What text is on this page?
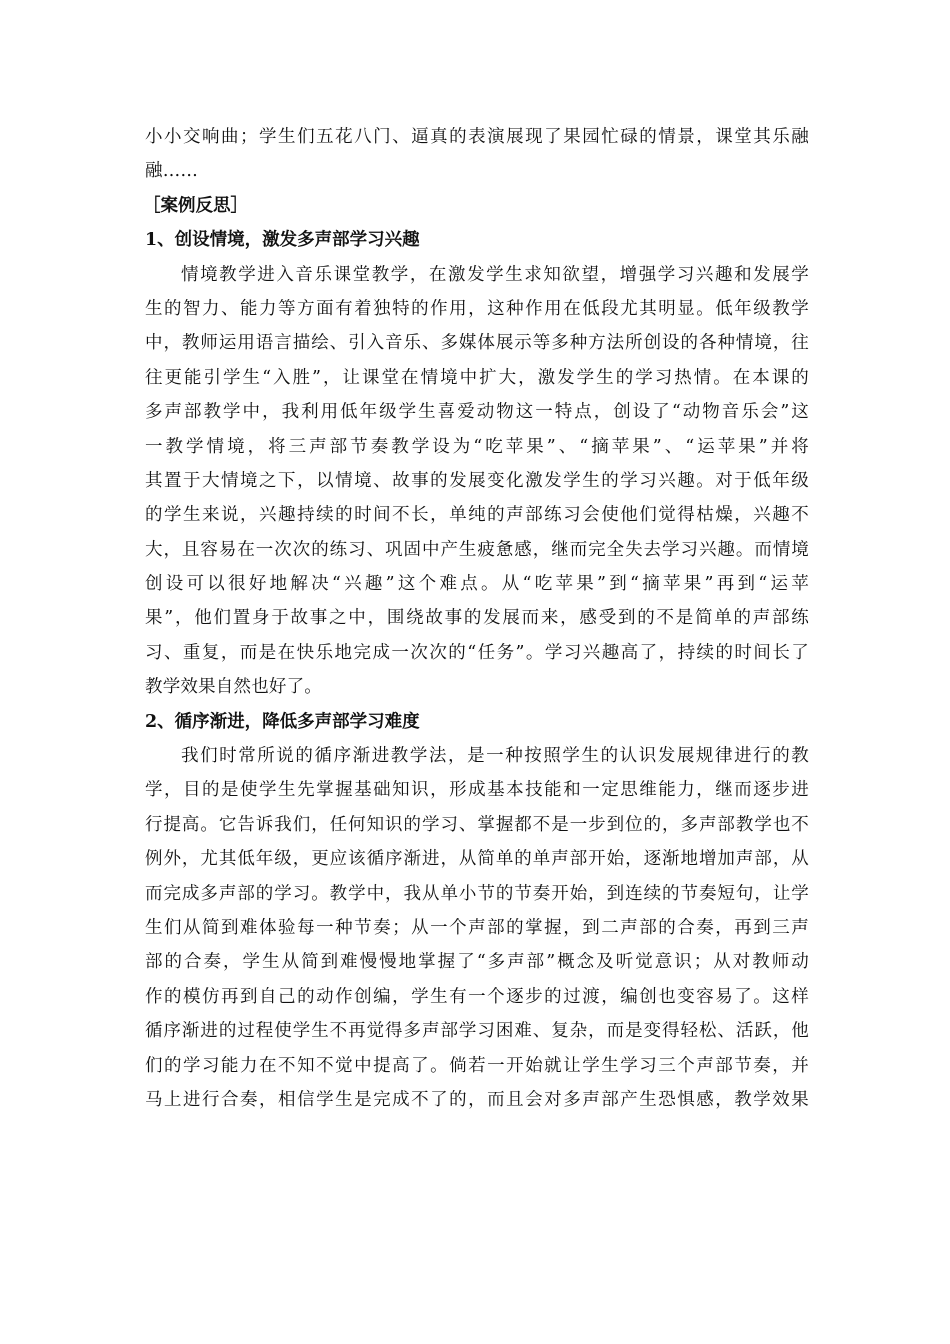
小小交响曲；学生们五花八门、逼真的表演展现了果园忙碌的情景，课堂其乐融
融……
［案例反思］
1、创设情境，激发多声部学习兴趣
情境教学进入音乐课堂教学，在激发学生求知欲望，增强学习兴趣和发展学
生的智力、能力等方面有着独特的作用，这种作用在低段尤其明显。低年级教学
中，教师运用语言描绘、引入音乐、多媒体展示等多种方法所创设的各种情境，往
往更能引学生“入胜”，让课堂在情境中扩大，激发学生的学习热情。在本课的
多声部教学中，我利用低年级学生喜爱动物这一特点，创设了“动物音乐会”这
一教学情境，将三声部节奏教学设为“吃苹果”、“摘苹果”、“运苹果”并将
其置于大情境之下，以情境、故事的发展变化激发学生的学习兴趣。对于低年级
的学生来说，兴趣持续的时间不长，单纯的声部练习会使他们觉得枯燥，兴趣不
大，且容易在一次次的练习、巩固中产生疲惫感，继而完全失去学习兴趣。而情境
创设可以很好地解决“兴趣”这个难点。从“吃苹果”到“摘苹果”再到“运苹
果”，他们置身于故事之中，围绕故事的发展而来，感受到的不是简单的声部练
习、重复，而是在快乐地完成一次次的“任务”。学习兴趣高了，持续的时间长了
教学效果自然也好了。
2、循序渐进，降低多声部学习难度
我们时常所说的循序渐进教学法，是一种按照学生的认识发展规律进行的教
学，目的是使学生先掌握基础知识，形成基本技能和一定思维能力，继而逐步进
行提高。它告诉我们，任何知识的学习、掌握都不是一步到位的，多声部教学也不
例外，尤其低年级，更应该循序渐进，从简单的单声部开始，逐渐地增加声部，从
而完成多声部的学习。教学中，我从单小节的节奏开始，到连续的节奏短句，让学
生们从简到难体验每一种节奏；从一个声部的掌握，到二声部的合奏，再到三声
部的合奏，学生从简到难慢慢地掌握了“多声部”概念及听觉意识；从对教师动
作的模仿再到自己的动作创编，学生有一个逐步的过渡，编创也变容易了。这样
循序渐进的过程使学生不再觉得多声部学习困难、复杂，而是变得轻松、活跃，他
们的学习能力在不知不觉中提高了。倘若一开始就让学生学习三个声部节奏，并
马上进行合奏，相信学生是完成不了的，而且会对多声部产生恐惧感，教学效果
